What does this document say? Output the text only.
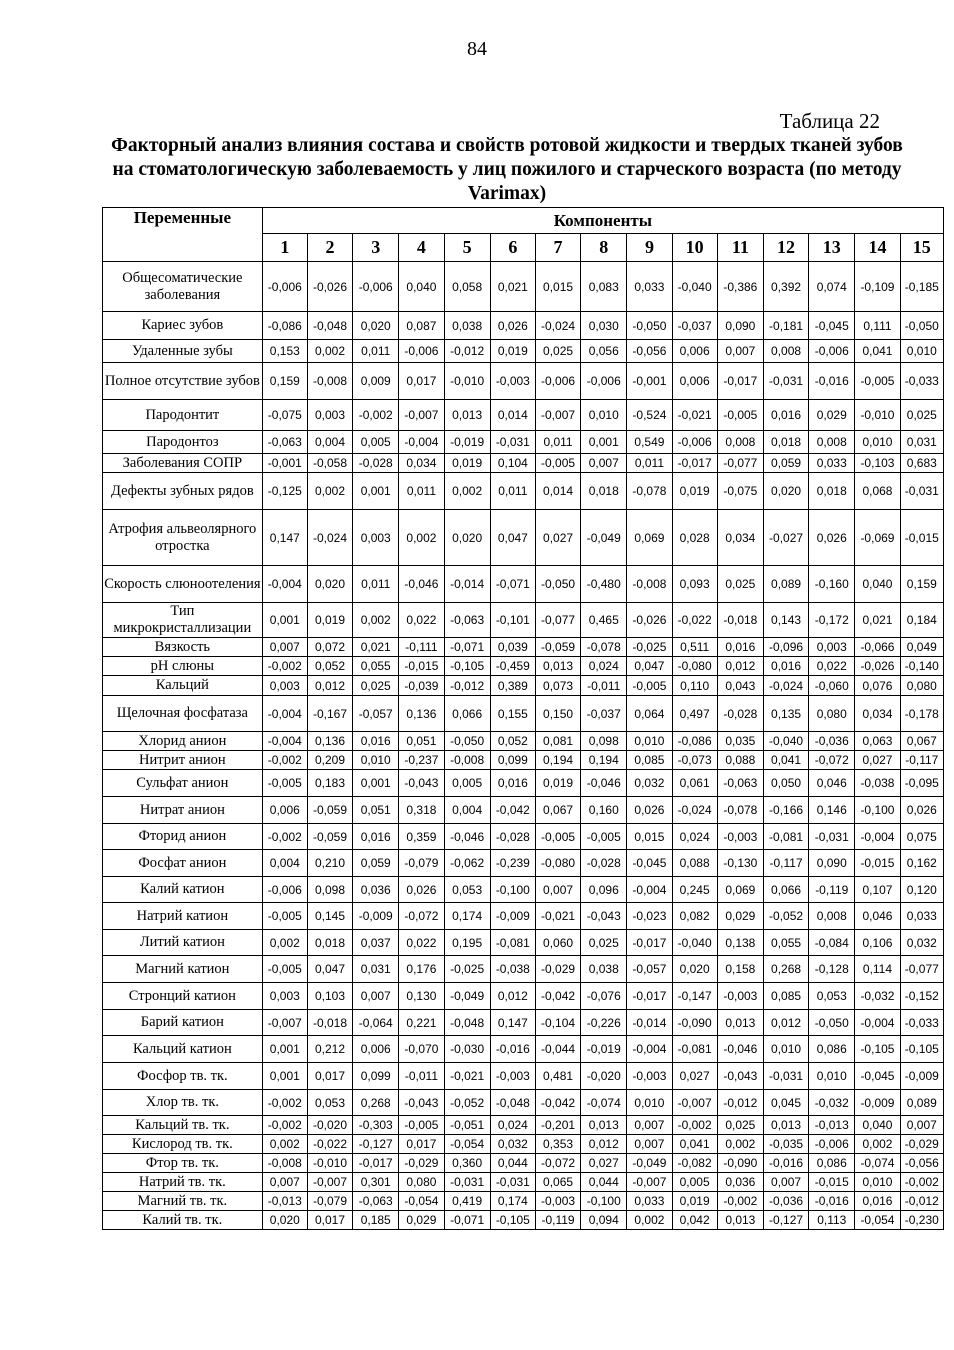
84
Таблица 22
Факторный анализ влияния состава и свойств ротовой жидкости и твердых тканей зубов на стоматологическую заболеваемость у лиц пожилого и старческого возраста (по методу Varimax)
Переменные	Компоненты														
	1	2	3	4	5	6	7	8	9	10	11	12	13	14	15
Общесоматические заболевания	-0,006	-0,026	-0,006	0,040	0,058	0,021	0,015	0,083	0,033	-0,040	-0,386	0,392	0,074	-0,109	-0,185
Кариес зубов	-0,086	-0,048	0,020	0,087	0,038	0,026	-0,024	0,030	-0,050	-0,037	0,090	-0,181	-0,045	0,111	-0,050
Удаленные зубы	0,153	0,002	0,011	-0,006	-0,012	0,019	0,025	0,056	-0,056	0,006	0,007	0,008	-0,006	0,041	0,010
Полное отсутствие зубов	0,159	-0,008	0,009	0,017	-0,010	-0,003	-0,006	-0,006	-0,001	0,006	-0,017	-0,031	-0,016	-0,005	-0,033
Пародонтит	-0,075	0,003	-0,002	-0,007	0,013	0,014	-0,007	0,010	-0,524	-0,021	-0,005	0,016	0,029	-0,010	0,025
Пародонтоз	-0,063	0,004	0,005	-0,004	-0,019	-0,031	0,011	0,001	0,549	-0,006	0,008	0,018	0,008	0,010	0,031
Заболевания СОПР	-0,001	-0,058	-0,028	0,034	0,019	0,104	-0,005	0,007	0,011	-0,017	-0,077	0,059	0,033	-0,103	0,683
Дефекты зубных рядов	-0,125	0,002	0,001	0,011	0,002	0,011	0,014	0,018	-0,078	0,019	-0,075	0,020	0,018	0,068	-0,031
Атрофия альвеолярного отростка	0,147	-0,024	0,003	0,002	0,020	0,047	0,027	-0,049	0,069	0,028	0,034	-0,027	0,026	-0,069	-0,015
Скорость слюноотеления	-0,004	0,020	0,011	-0,046	-0,014	-0,071	-0,050	-0,480	-0,008	0,093	0,025	0,089	-0,160	0,040	0,159
Тип микрокристаллизации	0,001	0,019	0,002	0,022	-0,063	-0,101	-0,077	0,465	-0,026	-0,022	-0,018	0,143	-0,172	0,021	0,184
Вязкость	0,007	0,072	0,021	-0,111	-0,071	0,039	-0,059	-0,078	-0,025	0,511	0,016	-0,096	0,003	-0,066	0,049
pH слюны	-0,002	0,052	0,055	-0,015	-0,105	-0,459	0,013	0,024	0,047	-0,080	0,012	0,016	0,022	-0,026	-0,140
Кальций	0,003	0,012	0,025	-0,039	-0,012	0,389	0,073	-0,011	-0,005	0,110	0,043	-0,024	-0,060	0,076	0,080
Щелочная фосфатаза	-0,004	-0,167	-0,057	0,136	0,066	0,155	0,150	-0,037	0,064	0,497	-0,028	0,135	0,080	0,034	-0,178
Хлорид анион	-0,004	0,136	0,016	0,051	-0,050	0,052	0,081	0,098	0,010	-0,086	0,035	-0,040	-0,036	0,063	0,067
Нитрит анион	-0,002	0,209	0,010	-0,237	-0,008	0,099	0,194	0,194	0,085	-0,073	0,088	0,041	-0,072	0,027	-0,117
Сульфат анион	-0,005	0,183	0,001	-0,043	0,005	0,016	0,019	-0,046	0,032	0,061	-0,063	0,050	0,046	-0,038	-0,095
Нитрат анион	0,006	-0,059	0,051	0,318	0,004	-0,042	0,067	0,160	0,026	-0,024	-0,078	-0,166	0,146	-0,100	0,026
Фторид анион	-0,002	-0,059	0,016	0,359	-0,046	-0,028	-0,005	-0,005	0,015	0,024	-0,003	-0,081	-0,031	-0,004	0,075
Фосфат анион	0,004	0,210	0,059	-0,079	-0,062	-0,239	-0,080	-0,028	-0,045	0,088	-0,130	-0,117	0,090	-0,015	0,162
Калий катион	-0,006	0,098	0,036	0,026	0,053	-0,100	0,007	0,096	-0,004	0,245	0,069	0,066	-0,119	0,107	0,120
Натрий катион	-0,005	0,145	-0,009	-0,072	0,174	-0,009	-0,021	-0,043	-0,023	0,082	0,029	-0,052	0,008	0,046	0,033
Литий катион	0,002	0,018	0,037	0,022	0,195	-0,081	0,060	0,025	-0,017	-0,040	0,138	0,055	-0,084	0,106	0,032
Магний катион	-0,005	0,047	0,031	0,176	-0,025	-0,038	-0,029	0,038	-0,057	0,020	0,158	0,268	-0,128	0,114	-0,077
Стронций катион	0,003	0,103	0,007	0,130	-0,049	0,012	-0,042	-0,076	-0,017	-0,147	-0,003	0,085	0,053	-0,032	-0,152
Барий катион	-0,007	-0,018	-0,064	0,221	-0,048	0,147	-0,104	-0,226	-0,014	-0,090	0,013	0,012	-0,050	-0,004	-0,033
Кальций катион	0,001	0,212	0,006	-0,070	-0,030	-0,016	-0,044	-0,019	-0,004	-0,081	-0,046	0,010	0,086	-0,105	-0,105
Фосфор тв. тк.	0,001	0,017	0,099	-0,011	-0,021	-0,003	0,481	-0,020	-0,003	0,027	-0,043	-0,031	0,010	-0,045	-0,009
Хлор тв. тк.	-0,002	0,053	0,268	-0,043	-0,052	-0,048	-0,042	-0,074	0,010	-0,007	-0,012	0,045	-0,032	-0,009	0,089
Кальций тв. тк.	-0,002	-0,020	-0,303	-0,005	-0,051	0,024	-0,201	0,013	0,007	-0,002	0,025	0,013	-0,013	0,040	0,007
Кислород тв. тк.	0,002	-0,022	-0,127	0,017	-0,054	0,032	0,353	0,012	0,007	0,041	0,002	-0,035	-0,006	0,002	-0,029
Фтор тв. тк.	-0,008	-0,010	-0,017	-0,029	0,360	0,044	-0,072	0,027	-0,049	-0,082	-0,090	-0,016	0,086	-0,074	-0,056
Натрий тв. тк.	0,007	-0,007	0,301	0,080	-0,031	-0,031	0,065	0,044	-0,007	0,005	0,036	0,007	-0,015	0,010	-0,002
Магний тв. тк.	-0,013	-0,079	-0,063	-0,054	0,419	0,174	-0,003	-0,100	0,033	0,019	-0,002	-0,036	-0,016	0,016	-0,012
Калий тв. тк.	0,020	0,017	0,185	0,029	-0,071	-0,105	-0,119	0,094	0,002	0,042	0,013	-0,127	0,113	-0,054	-0,230
